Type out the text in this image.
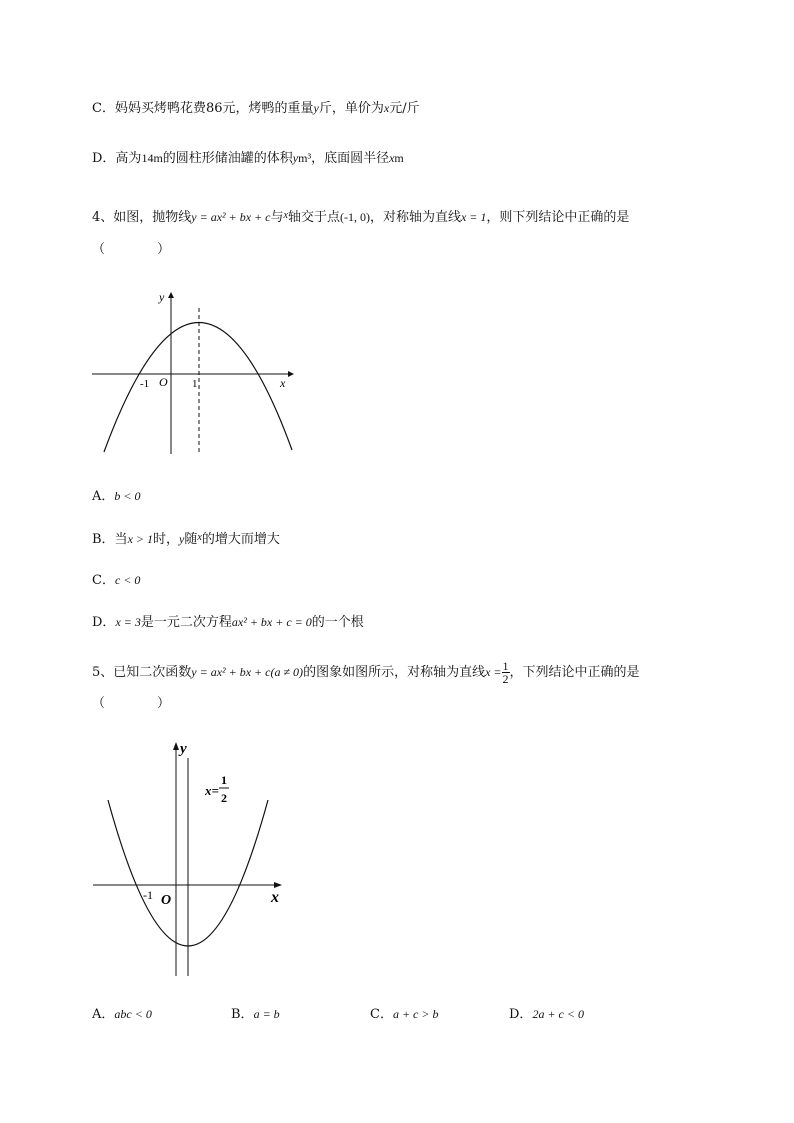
C．妈妈买烤鸭花费86元，烤鸭的重量y斤，单价为x元/斤
D．高为14m的圆柱形储油罐的体积ym³，底面圆半径xm
4、如图，抛物线y = ax² + bx + c与$^x$轴交于点(-1, 0)，对称轴为直线x = 1，则下列结论中正确的是
（　　　　）
y
x
O
-1	1
A．b < 0
B．当x > 1时，y随$^x$的增大而增大
C．c < 0
D．x = 3是一元二次方程ax² + bx + c = 0的一个根
5、已知二次函数y = ax² + bx + c(a ≠ 0)的图象如图所示，对称轴为直线$x = \frac{1}{2}$ ，下列结论中正确的是
（　　　　）
y
x
O
-1
x=
1
2
A．abc < 0	B．a = b	C．a + c > b	D．2a + c < 0
